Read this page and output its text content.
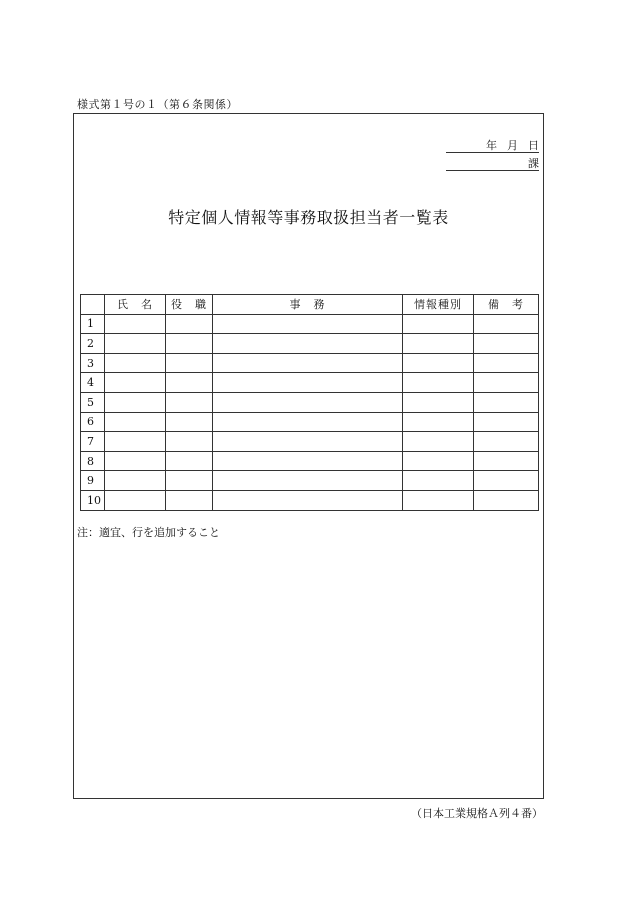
様式第１号の１（第６条関係）
年 月 日
課
特定個人情報等事務取扱担当者一覧表
	氏　名	役　職	事　務	情報種別	備　考
1					
2					
3					
4					
5					
6					
7					
8					
9					
10					
注：適宜、行を追加すること
（日本工業規格Ａ列４番）
